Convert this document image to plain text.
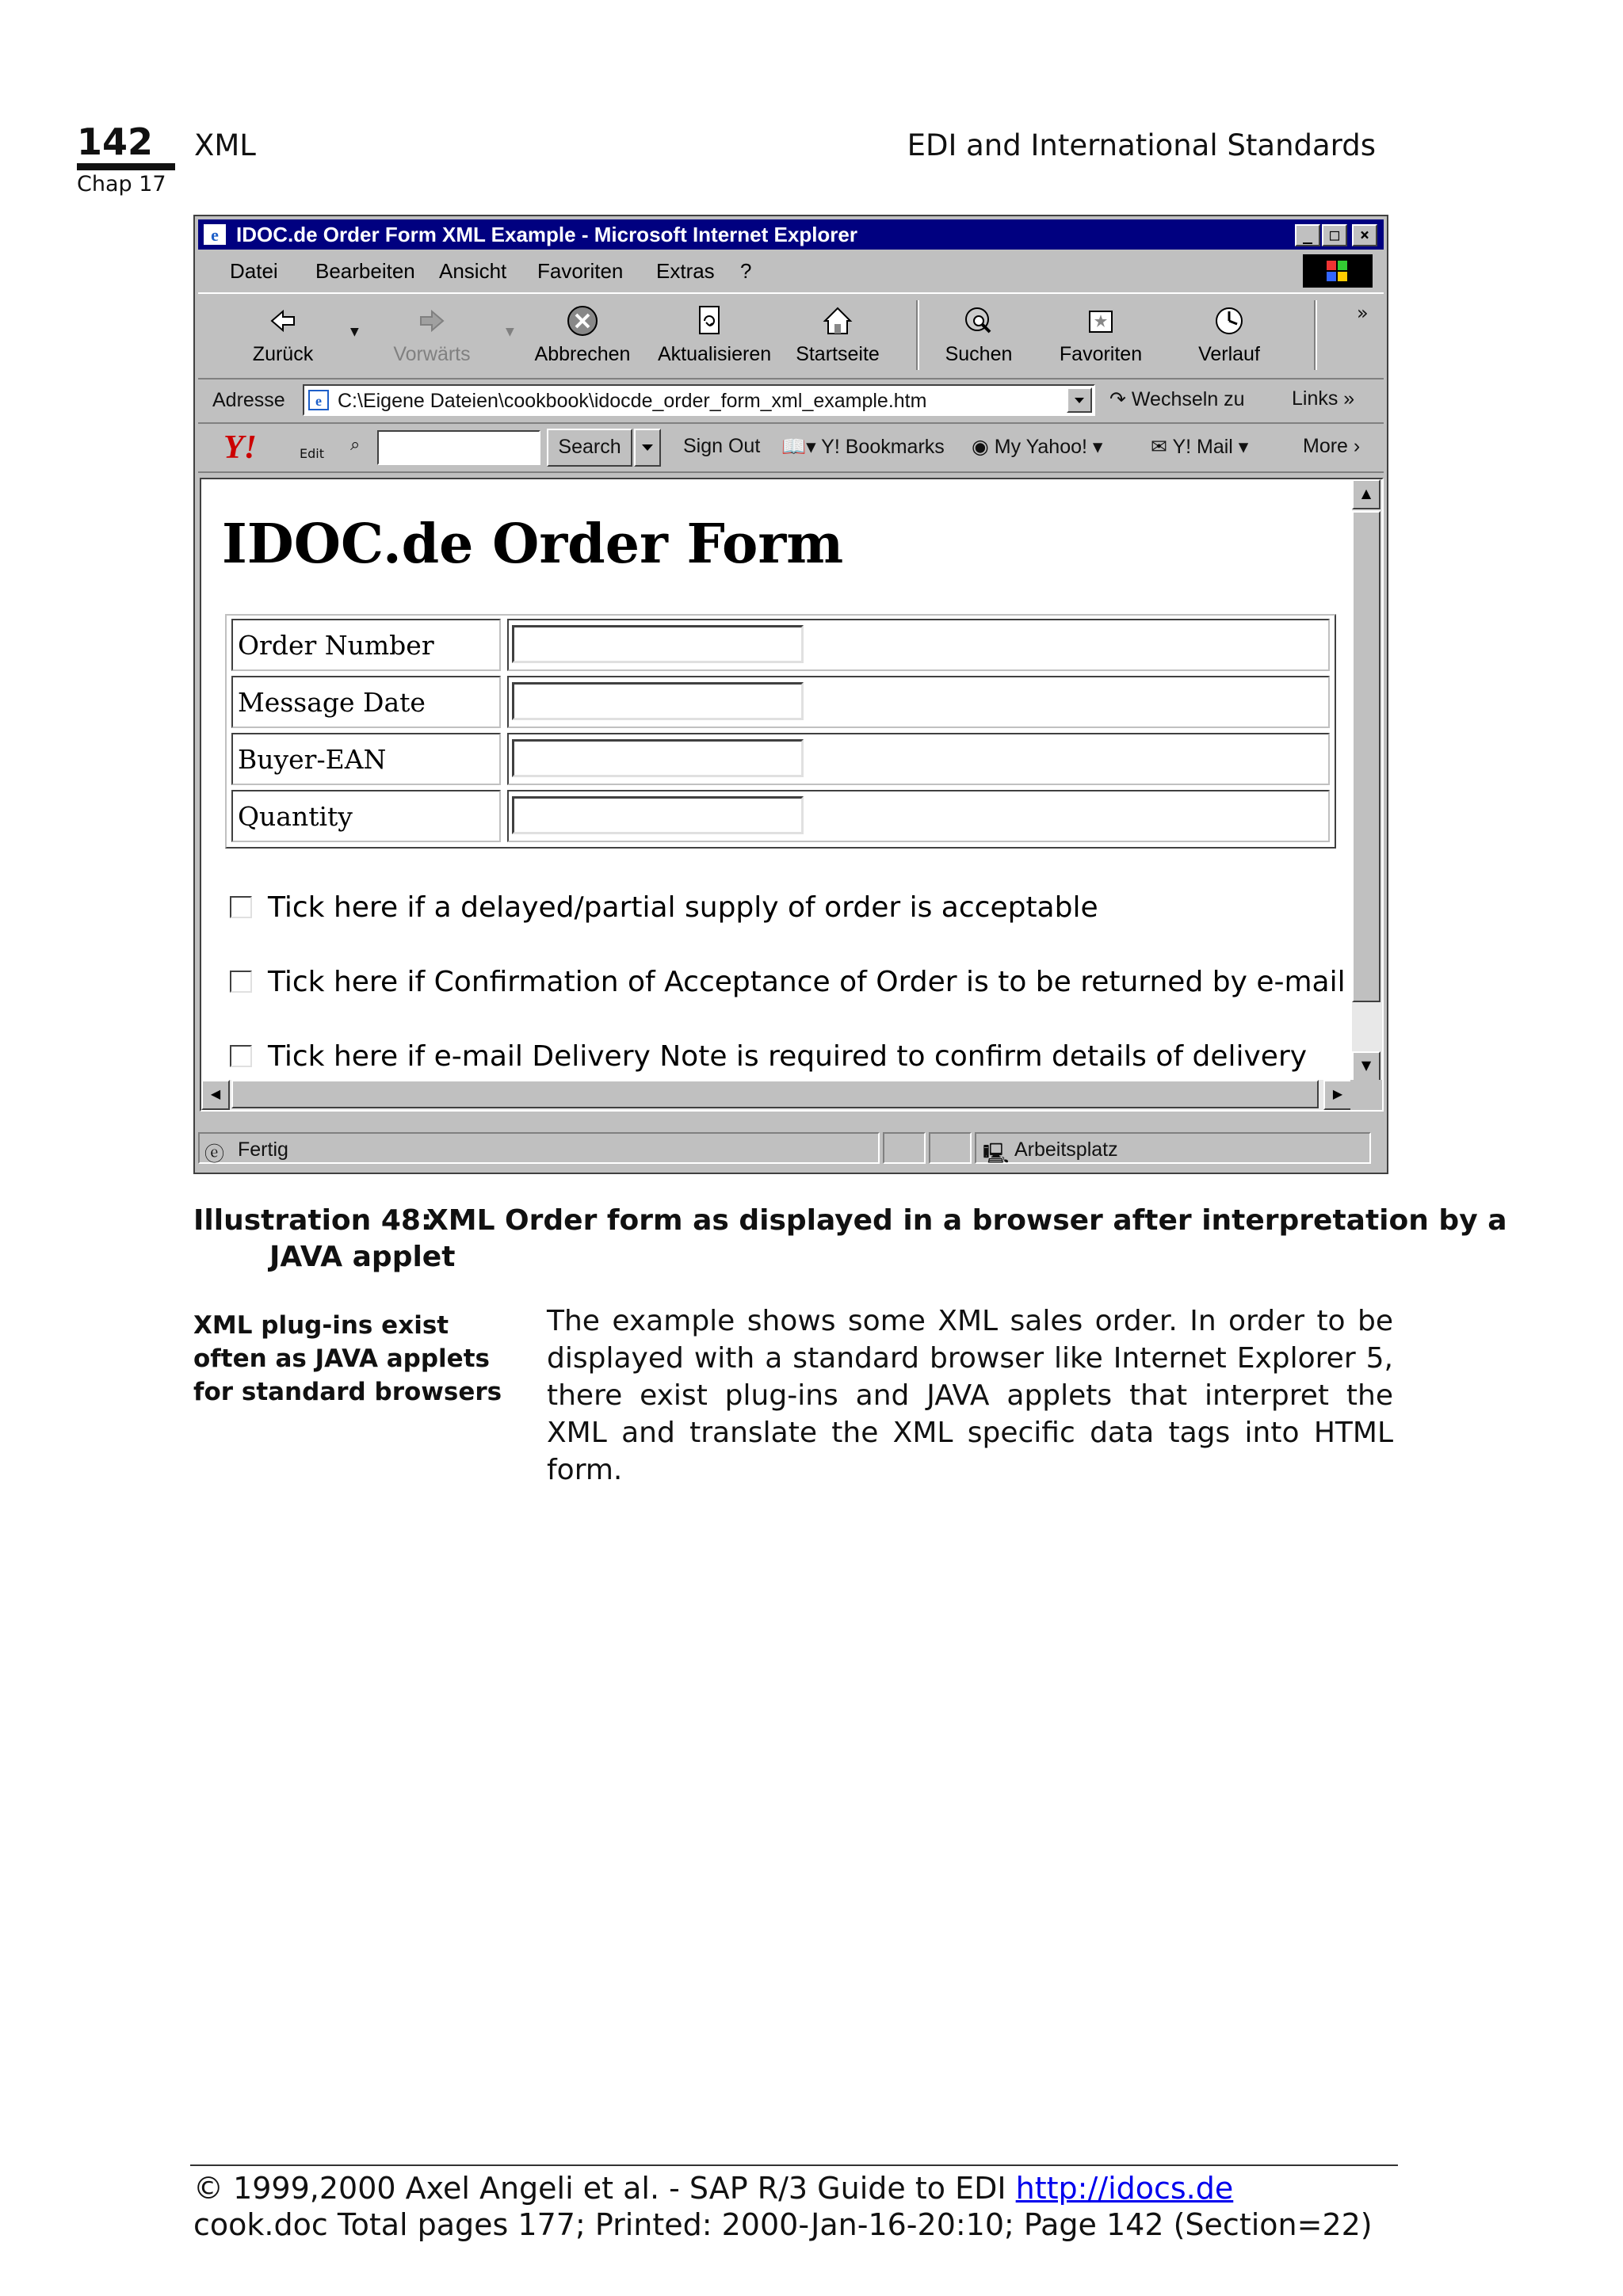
142
Chap 17
XML	EDI and International Standards
e IDOC.de Order Form XML Example - Microsoft Internet Explorer	_	□	×
Datei Bearbeiten Ansicht Favoriten Extras ?
Zurück
▼
Vorwärts
▼
Abbrechen Aktualisieren	Startseite	Suchen	Favoriten	Verlauf
»
Adresse e C:\Eigene Dateien\cookbook\idocde_order_form_xml_example.htm	↷ Wechseln zu Links »
Y!	Edit ⌕	Search	Sign Out 📖▾ Y! Bookmarks ◉ My Yahoo! ▾ ✉ Y! Mail ▾	More ›
IDOC.de Order Form
Order Number
Message Date
Buyer-EAN
Quantity
Tick here if a delayed/partial supply of order is acceptable
Tick here if Confirmation of Acceptance of Order is to be returned by e-mail
Tick here if e-mail Delivery Note is required to confirm details of delivery
▲
▼
◀	▶
ⓔ Fertig	🖳 Arbeitsplatz
Illustration 48:
XML Order form as displayed in a browser after interpretation by a
JAVA applet
XML plug-ins exist often as JAVA applets for standard browsers
The example shows some XML sales order. In order to be displayed with a standard browser like Internet Explorer 5, there exist plug-ins and JAVA applets that interpret the XML and translate the XML specific data tags into HTML form.
© 1999,2000 Axel Angeli et al. - SAP R/3 Guide to EDI http://idocs.de
cook.doc Total pages 177; Printed: 2000-Jan-16-20:10; Page 142 (Section=22)
